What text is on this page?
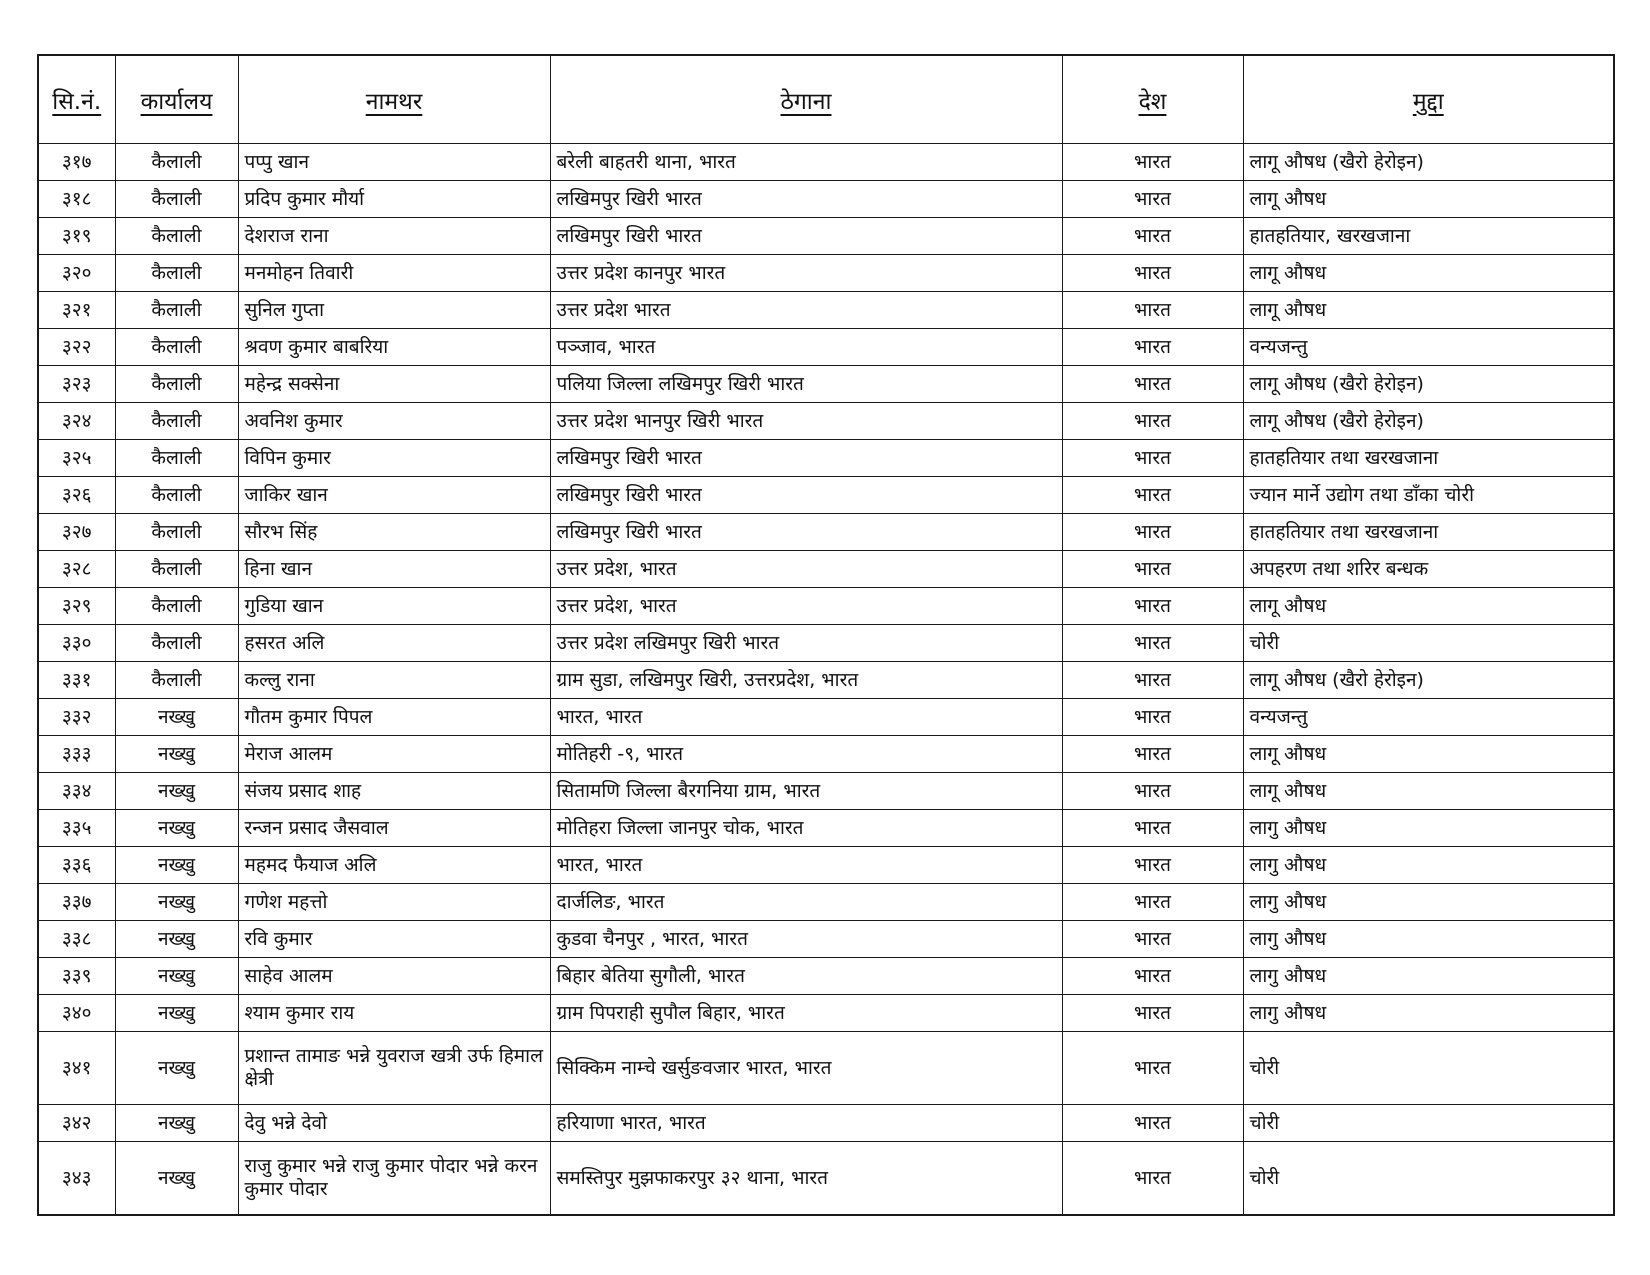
सि.नं.	कार्यालय	नामथर	ठेगाना	देश	मुद्दा
३१७	कैलाली	पप्पु खान	बरेली बाहतरी थाना, भारत	भारत	लागू औषध (खैरो हेरोइन)
३१८	कैलाली	प्रदिप कुमार मौर्या	लखिमपुर खिरी भारत	भारत	लागू औषध
३१९	कैलाली	देशराज राना	लखिमपुर खिरी भारत	भारत	हातहतियार, खरखजाना
३२०	कैलाली	मनमोहन तिवारी	उत्तर प्रदेश कानपुर भारत	भारत	लागू औषध
३२१	कैलाली	सुनिल गुप्ता	उत्तर प्रदेश भारत	भारत	लागू औषध
३२२	कैलाली	श्रवण कुमार बाबरिया	पञ्जाव, भारत	भारत	वन्यजन्तु
३२३	कैलाली	महेन्द्र सक्सेना	पलिया जिल्ला लखिमपुर खिरी भारत	भारत	लागू औषध (खैरो हेरोइन)
३२४	कैलाली	अवनिश कुमार	उत्तर प्रदेश भानपुर खिरी भारत	भारत	लागू औषध (खैरो हेरोइन)
३२५	कैलाली	विपिन कुमार	लखिमपुर खिरी भारत	भारत	हातहतियार तथा खरखजाना
३२६	कैलाली	जाकिर खान	लखिमपुर खिरी भारत	भारत	ज्यान मार्ने उद्योग तथा डाँका चोरी
३२७	कैलाली	सौरभ सिंह	लखिमपुर खिरी भारत	भारत	हातहतियार तथा खरखजाना
३२८	कैलाली	हिना खान	उत्तर प्रदेश, भारत	भारत	अपहरण तथा शरिर बन्धक
३२९	कैलाली	गुडिया खान	उत्तर प्रदेश, भारत	भारत	लागू औषध
३३०	कैलाली	हसरत अलि	उत्तर प्रदेश लखिमपुर खिरी भारत	भारत	चोरी
३३१	कैलाली	कल्लु राना	ग्राम सुडा, लखिमपुर खिरी, उत्तरप्रदेश, भारत	भारत	लागू औषध (खैरो हेरोइन)
३३२	नख्खु	गौतम कुमार पिपल	भारत, भारत	भारत	वन्यजन्तु
३३३	नख्खु	मेराज आलम	मोतिहरी -९, भारत	भारत	लागू औषध
३३४	नख्खु	संजय प्रसाद शाह	सितामणि जिल्ला बैरगनिया ग्राम, भारत	भारत	लागू औषध
३३५	नख्खु	रन्जन प्रसाद जैसवाल	मोतिहरा जिल्ला जानपुर चोक, भारत	भारत	लागु औषध
३३६	नख्खु	महमद फैयाज अलि	भारत, भारत	भारत	लागु औषध
३३७	नख्खु	गणेश महत्तो	दार्जलिङ, भारत	भारत	लागु औषध
३३८	नख्खु	रवि कुमार	कुडवा चैनपुर , भारत, भारत	भारत	लागु औषध
३३९	नख्खु	साहेव आलम	बिहार बेतिया सुगौली, भारत	भारत	लागु औषध
३४०	नख्खु	श्याम कुमार राय	ग्राम पिपराही सुपौल बिहार, भारत	भारत	लागु औषध
३४१	नख्खु	प्रशान्त तामाङ भन्ने युवराज खत्री उर्फ हिमाल क्षेत्री	सिक्किम नाम्चे खर्सुङवजार भारत, भारत	भारत	चोरी
३४२	नख्खु	देवु भन्ने देवो	हरियाणा भारत, भारत	भारत	चोरी
३४३	नख्खु	राजु कुमार भन्ने राजु कुमार पोदार भन्ने करन कुमार पोदार	समस्तिपुर मुझफाकरपुर ३२ थाना, भारत	भारत	चोरी
